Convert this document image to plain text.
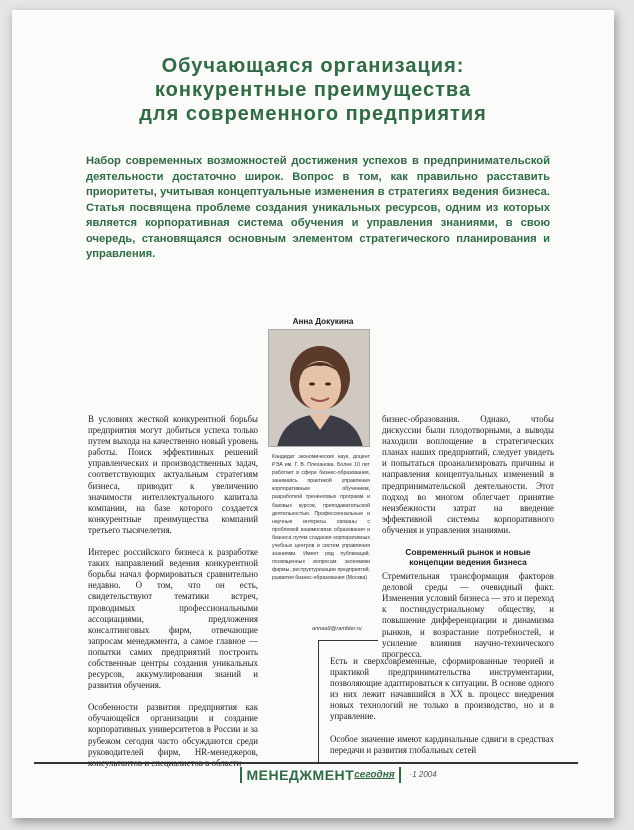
Обучающаяся организация:
конкурентные преимущества
для современного предприятия
Набор современных возможностей достижения успехов в предпринимательской деятельности достаточно широк. Вопрос в том, как правильно расставить приоритеты, учитывая концептуальные изменения в стратегиях ведения бизнеса. Статья посвящена проблеме создания уникальных ресурсов, одним из которых является корпоративная система обучения и управления знаниями, в свою очередь, становящаяся основным элементом стратегического планирования и управления.
Анна Докукина
Кандидат экономических наук, доцент РЭА им. Г. В. Плеханова. Более 10 лет работает в сфере бизнес-образования, занимаясь практикой управления корпоративным обучением, разработкой тренинговых программ и базовых курсов, преподавательской деятельностью. Профессиональные и научные интересы связаны с проблемой взаимосвязи образования и бизнеса путем создания корпоративных учебных центров и систем управления знаниями. Имеет ряд публикаций, посвященных вопросам экономики фирмы, реструктуризации предприятий, развития бизнес-образования (Москва)
annaa9@rambler.ru

В условиях жесткой конкурентной борьбы предприятия могут добиться успеха только путем выхода на качественно новый уровень работы. Поиск эффективных решений управленческих и производственных задач, соответствующих актуальным стратегиям бизнеса, приводит к увеличению значимости интеллектуального капитала компании, на базе которого создается конкурентные преимущества компаний третьего тысячелетия.

Интерес российского бизнеса к разработке таких направлений ведения конкурентной борьбы начал формироваться сравнительно недавно. О том, что он есть, свидетельствуют тематики встреч, проводимых профессиональными ассоциациями, предложения консалтинговых фирм, отвечающие запросам менеджмента, а самое главное — попытки самих предприятий построить собственные центры создания уникальных ресурсов, аккумулирования знаний и развития обучения.

Особенности развития предприятия как обучающейся организации и создание корпоративных университетов в России и за рубежом сегодня часто обсуждаются среди руководителей фирм, HR-менеджеров,

бизнес-образования. Однако, чтобы дискуссии были плодотворными, а выводы находили воплощение в стратегических планах наших предприятий, следует увидеть и попытаться проанализировать причины и направления концептуальных изменений в предпринимательской деятельности. Этот подход во многом облегчает принятие неизбежности затрат на введение эффективной системы корпоративного обучения и управления знаниями.

Современный рынок и новые концепции ведения бизнеса

Стремительная трансформация факторов деловой среды — очевидный факт. Изменения условий бизнеса — это и переход к постиндустриальному обществу, и повышение дифференциации и динамизма рынков, и возрастание потребностей, и усиление влияния научно-технического прогресса.

Есть и сверхсовременные, сформированные теорией и практикой предпринимательства инструментарии, позволяющие адаптироваться к ситуации. В основе одного из них лежит начавшийся в XX в. процесс внедрения новых технологий не только в производство, но и в управление.

Особое значение имеют кардинальные сдвиги в средствах передачи и развития глобальных сетей

МЕНЕДЖМЕНТсегодня ·1 2004
